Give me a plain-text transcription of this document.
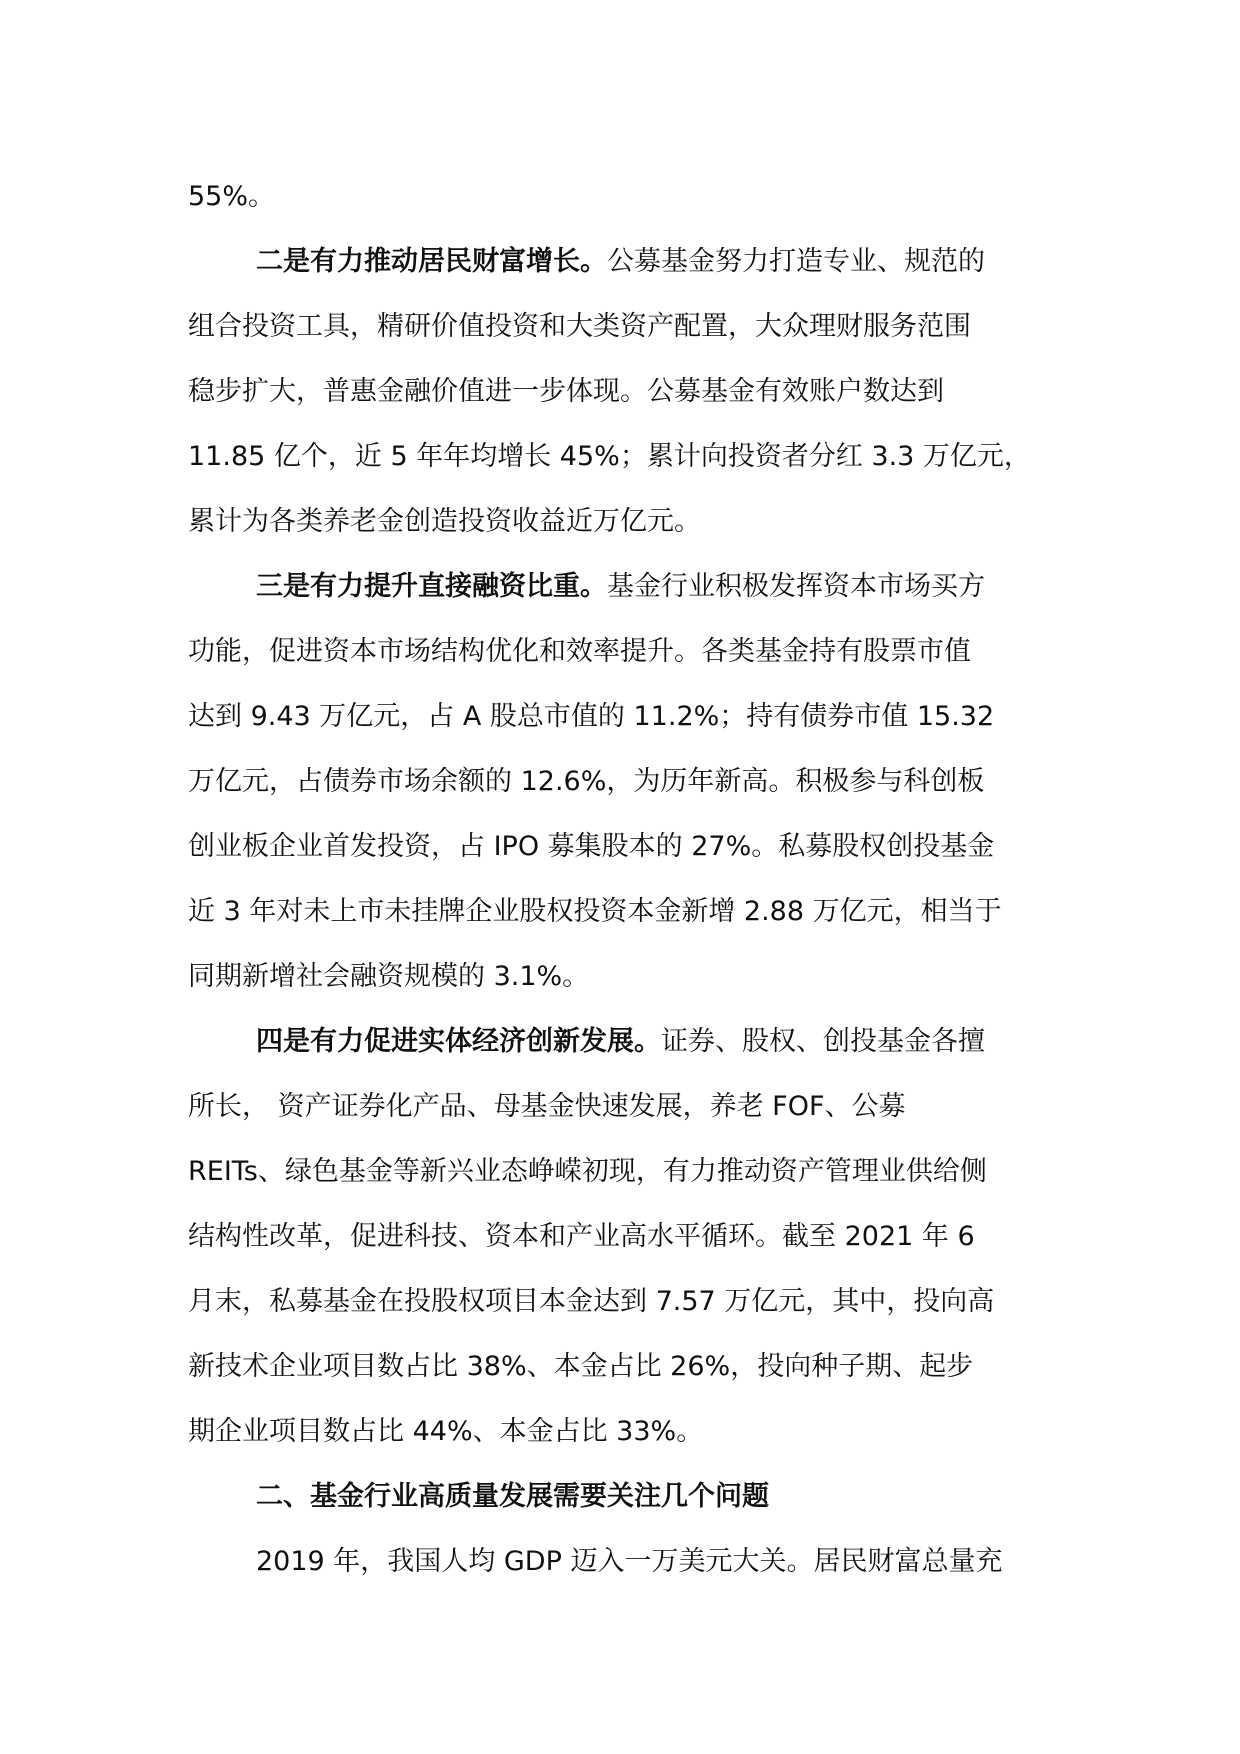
55%。
二是有力推动居民财富增长。公募基金努力打造专业、规范的
组合投资工具，精研价值投资和大类资产配置，大众理财服务范围
稳步扩大，普惠金融价值进一步体现。公募基金有效账户数达到
11.85 亿个，近 5 年年均增长 45%；累计向投资者分红 3.3 万亿元，
累计为各类养老金创造投资收益近万亿元。
三是有力提升直接融资比重。基金行业积极发挥资本市场买方
功能，促进资本市场结构优化和效率提升。各类基金持有股票市值
达到 9.43 万亿元，占 A 股总市值的 11.2%；持有债券市值 15.32
万亿元，占债券市场余额的 12.6%，为历年新高。积极参与科创板
创业板企业首发投资，占 IPO 募集股本的 27%。私募股权创投基金
近 3 年对未上市未挂牌企业股权投资本金新增 2.88 万亿元，相当于
同期新增社会融资规模的 3.1%。
四是有力促进实体经济创新发展。证券、股权、创投基金各擅
所长， 资产证券化产品、母基金快速发展，养老 FOF、公募
REITs、绿色基金等新兴业态峥嵘初现，有力推动资产管理业供给侧
结构性改革，促进科技、资本和产业高水平循环。截至 2021 年 6
月末，私募基金在投股权项目本金达到 7.57 万亿元，其中，投向高
新技术企业项目数占比 38%、本金占比 26%，投向种子期、起步
期企业项目数占比 44%、本金占比 33%。
二、基金行业高质量发展需要关注几个问题
2019 年，我国人均 GDP 迈入一万美元大关。居民财富总量充
